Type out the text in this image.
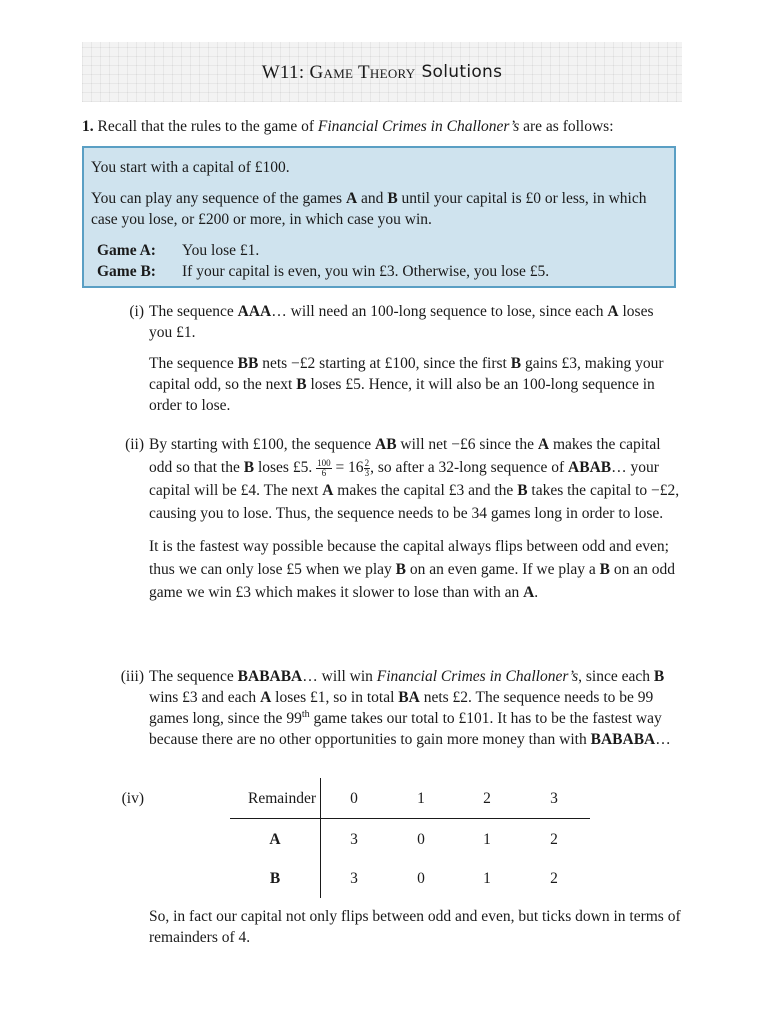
W11:
Game Theory Solutions
1. Recall that the rules to the game of Financial Crimes in Challoner’s are as follows:

You start with a capital of £100.

You can play any sequence of the games A and B until your capital is £0 or less, in which case you lose, or £200 or more, in which case you win.

Game A:	You lose £1.
Game B:	If your capital is even, you win £3. Otherwise, you lose £5.
(i) The sequence AAA… will need an 100-long sequence to lose, since each A loses you £1.

The sequence BB nets −£2 starting at £100, since the first B gains £3, making your capital odd, so the next B loses £5. Hence, it will also be an 100-long sequence in order to lose.

(ii) By starting with £100, the sequence AB will net −£6 since the A makes the capital odd so that the B loses £5. $\frac{100}{6} = 16 \frac{2}{3}$ , so after a 32-long sequence of ABAB… your capital will be £4. The next A makes the capital £3 and the B takes the capital to −£2, causing you to lose. Thus, the sequence needs to be 34 games long in order to lose.

It is the fastest way possible because the capital always flips between odd and even; thus we can only lose £5 when we play B on an even game. If we play a B on an odd game we win £3 which makes it slower to lose than with an A.

(iii) The sequence BABABA… will win Financial Crimes in Challoner’s, since each B wins £3 and each A loses £1, so in total BA nets £2. The sequence needs to be 99 games long, since the 99th game takes our total to £101. It has to be the fastest way because there are no other opportunities to gain more money than with BABABA…

(iv)	Remainder	0	1	2	3
A	3	0	1	2
B	3	0	1	2

So, in fact our capital not only flips between odd and even, but ticks down in terms of remainders of 4.
